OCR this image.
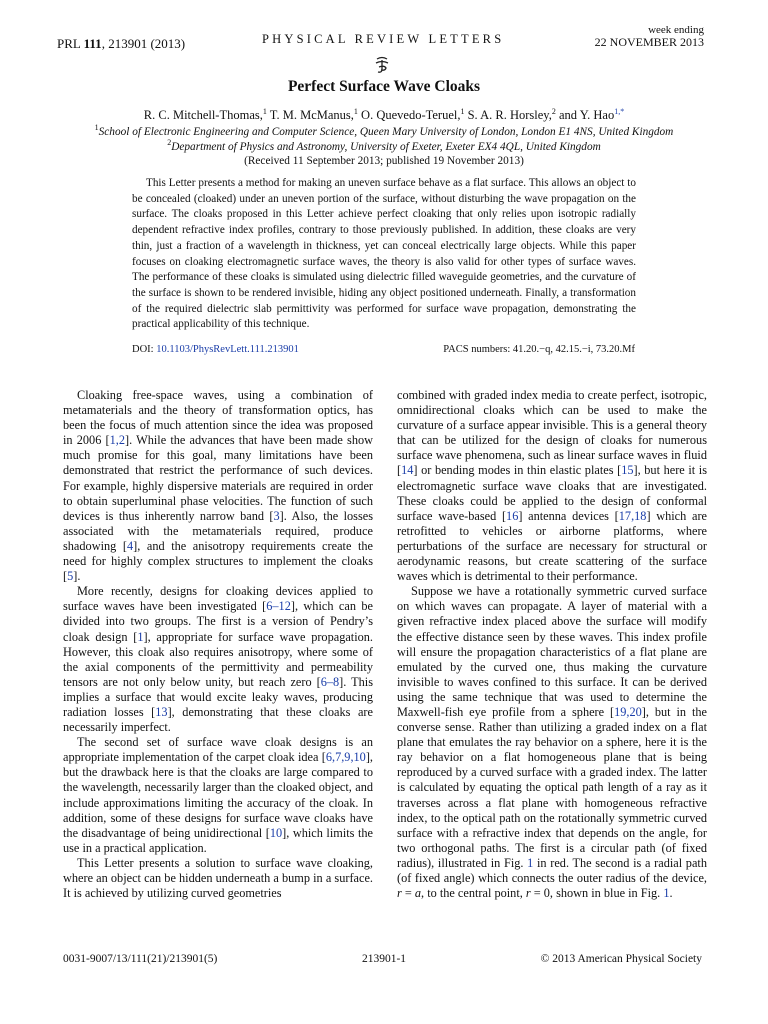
PRL 111, 213901 (2013)	PHYSICAL REVIEW LETTERS
week ending
22 NOVEMBER 2013
Perfect Surface Wave Cloaks
R. C. Mitchell-Thomas,$^1$ T. M. McManus,$^1$ O. Quevedo-Teruel,$^1$ S. A. R. Horsley,$^2$ and Y. Hao$^{1,*}$
$^1$School of Electronic Engineering and Computer Science, Queen Mary University of London, London E1 4NS, United Kingdom
$^2$Department of Physics and Astronomy, University of Exeter, Exeter EX4 4QL, United Kingdom
(Received 11 September 2013; published 19 November 2013)

This Letter presents a method for making an uneven surface behave as a flat surface. This allows an object to be concealed (cloaked) under an uneven portion of the surface, without disturbing the wave propagation on the surface. The cloaks proposed in this Letter achieve perfect cloaking that only relies upon isotropic radially dependent refractive index profiles, contrary to those previously published. In addition, these cloaks are very thin, just a fraction of a wavelength in thickness, yet can conceal electrically large objects. While this paper focuses on cloaking electromagnetic surface waves, the theory is also valid for other types of surface waves. The performance of these cloaks is simulated using dielectric filled waveguide geometries, and the curvature of the surface is shown to be rendered invisible, hiding any object positioned underneath. Finally, a transformation of the required dielectric slab permittivity was performed for surface wave propagation, demonstrating the practical applicability of this technique.

DOI: 10.1103/PhysRevLett.111.213901	PACS numbers: 41.20.−q, 42.15.−i, 73.20.Mf

Cloaking free-space waves, using a combination of metamaterials and the theory of transformation optics, has been the focus of much attention since the idea was proposed in 2006 [1,2]. While the advances that have been made show much promise for this goal, many limitations have been demonstrated that restrict the performance of such devices. For example, highly dispersive materials are required in order to obtain superluminal phase velocities. The function of such devices is thus inherently narrow band [3]. Also, the losses associated with the metamaterials required, produce shadowing [4], and the anisotropy requirements create the need for highly complex structures to implement the cloaks [5].

More recently, designs for cloaking devices applied to surface waves have been investigated [6–12], which can be divided into two groups. The first is a version of Pendry’s cloak design [1], appropriate for surface wave propagation. However, this cloak also requires anisotropy, where some of the axial components of the permittivity and permeability tensors are not only below unity, but reach zero [6–8]. This implies a surface that would excite leaky waves, producing radiation losses [13], demonstrating that these cloaks are necessarily imperfect.

The second set of surface wave cloak designs is an appropriate implementation of the carpet cloak idea [6,7,9,10], but the drawback here is that the cloaks are large compared to the wavelength, necessarily larger than the cloaked object, and include approximations limiting the accuracy of the cloak. In addition, some of these designs for surface wave cloaks have the disadvantage of being unidirectional [10], which limits the use in a practical application.

This Letter presents a solution to surface wave cloaking, where an object can be hidden underneath a bump in a surface. It is achieved by utilizing curved geometries

combined with graded index media to create perfect, isotropic, omnidirectional cloaks which can be used to make the curvature of a surface appear invisible. This is a general theory that can be utilized for the design of cloaks for numerous surface wave phenomena, such as linear surface waves in fluid [14] or bending modes in thin elastic plates [15], but here it is electromagnetic surface wave cloaks that are investigated. These cloaks could be applied to the design of conformal surface wave-based [16] antenna devices [17,18] which are retrofitted to vehicles or airborne platforms, where perturbations of the surface are necessary for structural or aerodynamic reasons, but create scattering of the surface waves which is detrimental to their performance.

Suppose we have a rotationally symmetric curved surface on which waves can propagate. A layer of material with a given refractive index placed above the surface will modify the effective distance seen by these waves. This index profile will ensure the propagation characteristics of a flat plane are emulated by the curved one, thus making the curvature invisible to waves confined to this surface. It can be derived using the same technique that was used to determine the Maxwell-fish eye profile from a sphere [19,20], but in the converse sense. Rather than utilizing a graded index on a flat plane that emulates the ray behavior on a sphere, here it is the ray behavior on a flat homogeneous plane that is being reproduced by a curved surface with a graded index. The latter is calculated by equating the optical path length of a ray as it traverses across a flat plane with homogeneous refractive index, to the optical path on the rotationally symmetric curved surface with a refractive index that depends on the angle, for two orthogonal paths. The first is a circular path (of fixed radius), illustrated in Fig. 1 in red. The second is a radial path (of fixed angle) which connects the outer radius of the device, r = a, to the central point, r = 0, shown in blue in Fig. 1.

0031-9007/13/111(21)/213901(5)	213901-1	© 2013 American Physical Society
